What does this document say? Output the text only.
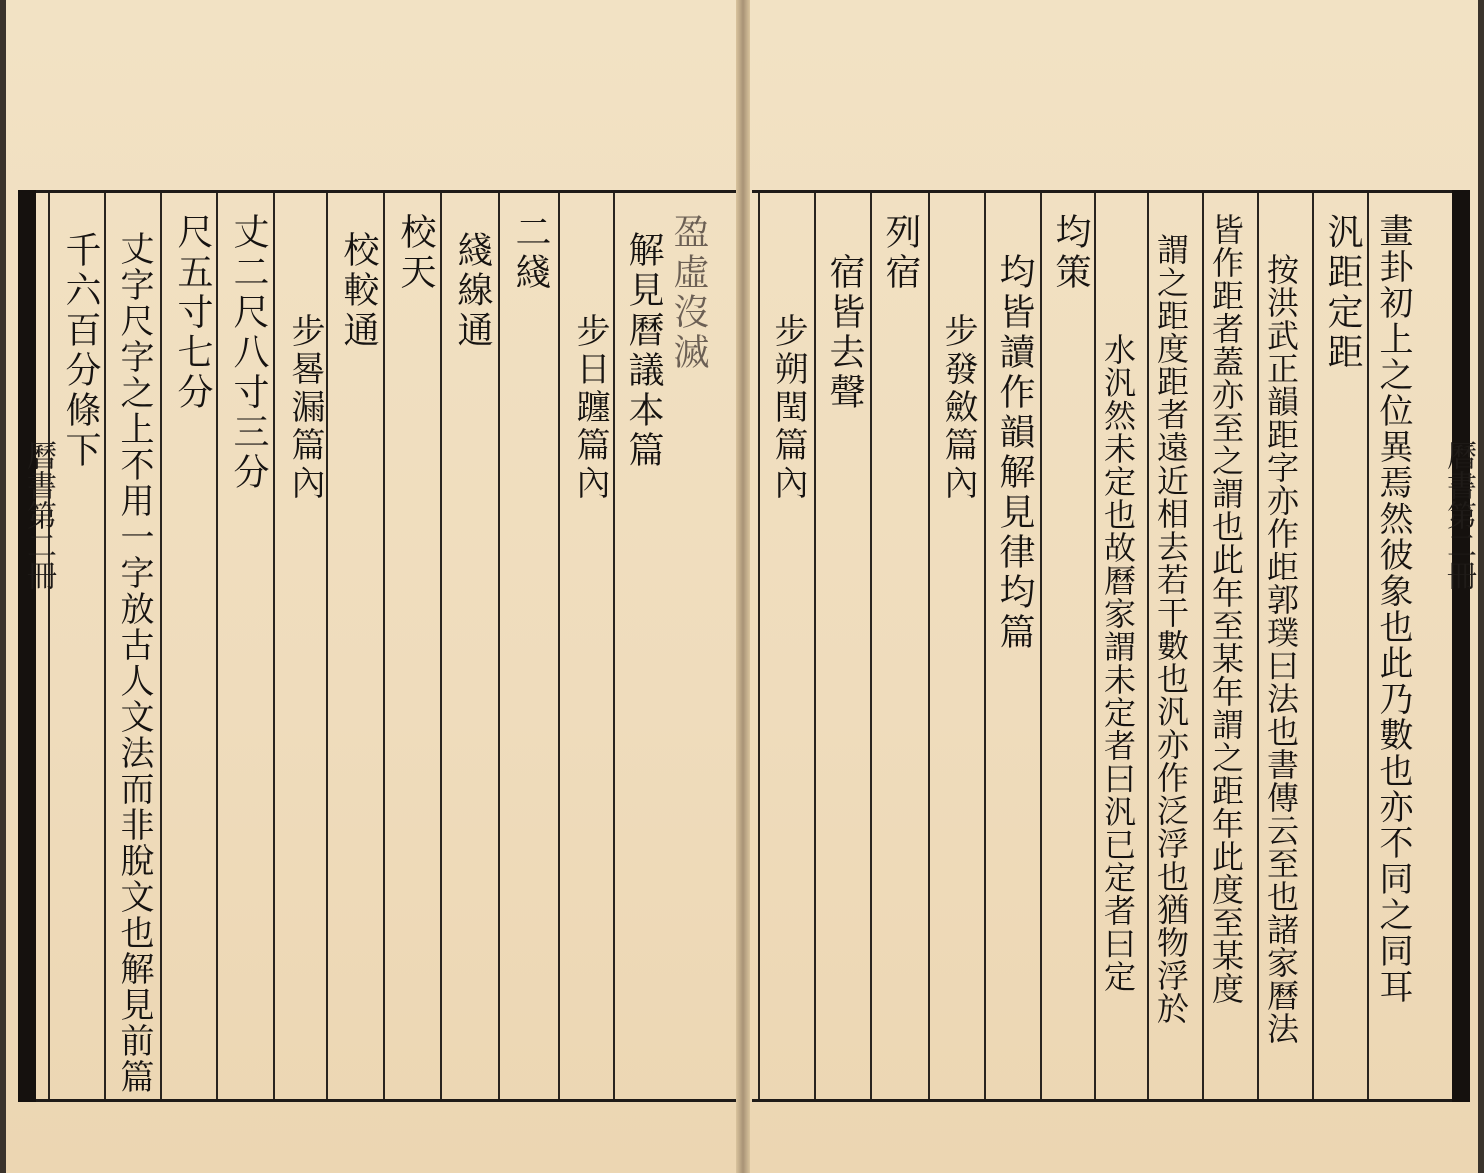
盈虛沒滅
解見曆議本篇
步日躔篇內
二綫
綫線通
校天
校較通
步晷漏篇內
丈二尺八寸三分
尺五寸七分
丈字尺字之上不用一字放古人文法而非脫文也解見前篇
千六百分條下	畫卦初上之位異焉然彼象也此乃數也亦不同之同耳
汎距定距
按洪武正韻距字亦作歫郭璞曰法也書傳云至也諸家曆法
皆作距者蓋亦至之謂也此年至某年謂之距年此度至某度
謂之距度距者遠近相去若干數也汎亦作泛浮也猶物浮於
水汎然未定也故曆家謂未定者曰汎已定者曰定
均策
均皆讀作韻解見律均篇
步發斂篇內
列宿
宿皆去聲
步朔閏篇內
曆書第二冊
曆書第二冊
